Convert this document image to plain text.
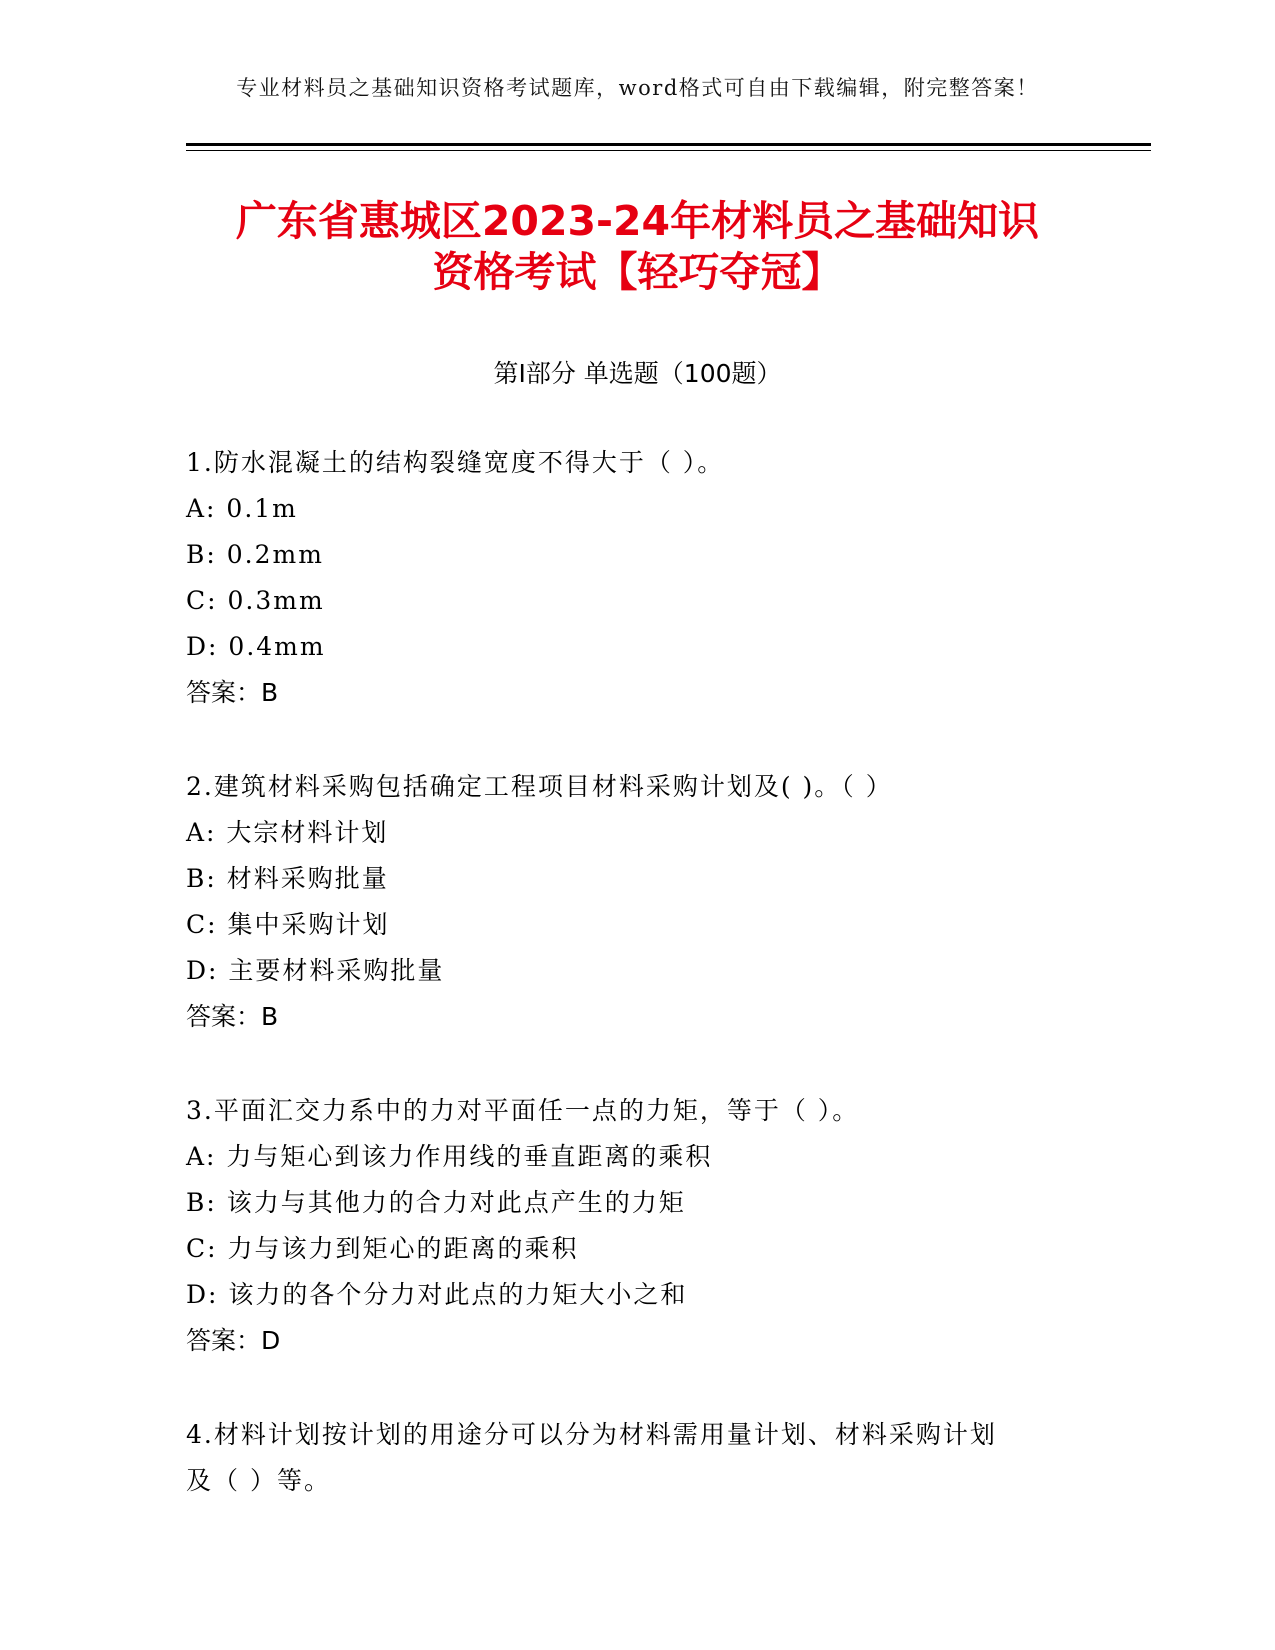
专业材料员之基础知识资格考试题库，word格式可自由下载编辑，附完整答案！
广东省惠城区2023-24年材料员之基础知识
资格考试【轻巧夺冠】
第Ⅰ部分 单选题（100题）
1.防水混凝土的结构裂缝宽度不得大于（ ）。
A: 0.1m
B: 0.2mm
C: 0.3mm
D: 0.4mm
答案：B
2.建筑材料采购包括确定工程项目材料采购计划及( )。（ ）
A: 大宗材料计划
B: 材料采购批量
C: 集中采购计划
D: 主要材料采购批量
答案：B
3.平面汇交力系中的力对平面任一点的力矩，等于（ ）。
A: 力与矩心到该力作用线的垂直距离的乘积
B: 该力与其他力的合力对此点产生的力矩
C: 力与该力到矩心的距离的乘积
D: 该力的各个分力对此点的力矩大小之和
答案：D
4.材料计划按计划的用途分可以分为材料需用量计划、材料采购计划
及（ ）等。
